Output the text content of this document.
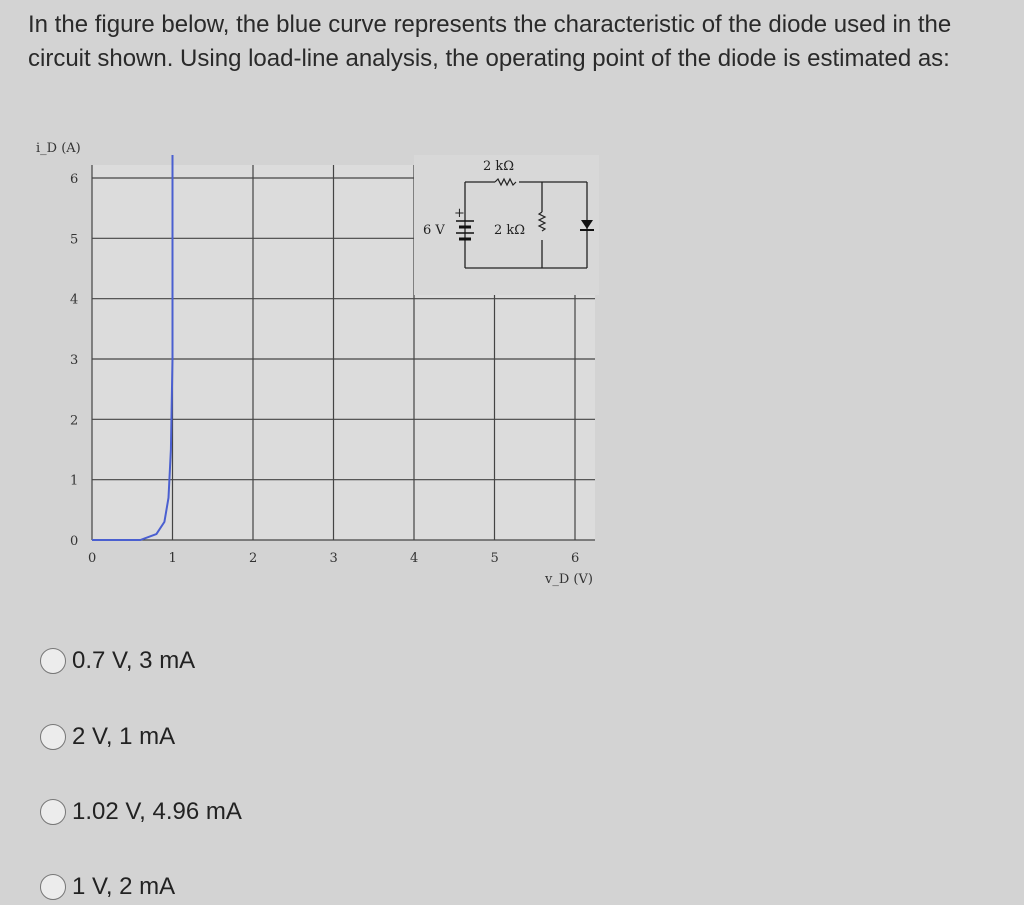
In the figure below, the blue curve represents the characteristic of the diode used in the circuit shown. Using load-line analysis, the operating point of the diode is estimated as:

0	1	2	3	4	5	6
0
1
2
3
4
5
6
i_D (A)
v_D (V)
+
6 V
2 kΩ
2 kΩ
0.7 V, 3 mA
2 V, 1 mA
1.02 V, 4.96 mA
1 V, 2 mA
